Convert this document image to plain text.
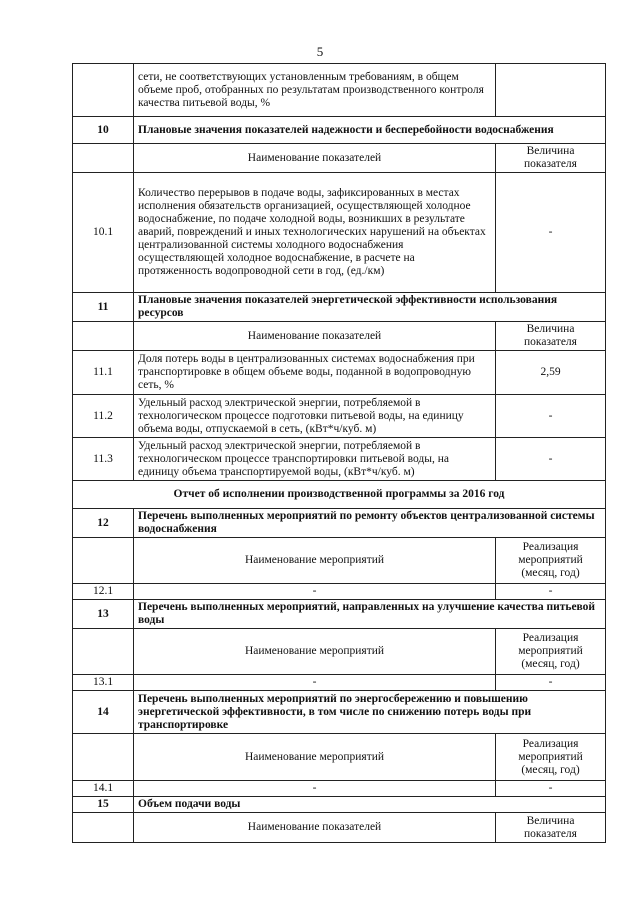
5
	сети, не соответствующих установленным требованиям, в общем объеме проб, отобранных по результатам производственного контроля качества питьевой воды, %	
10	Плановые значения показателей надежности и бесперебойности водоснабжения	
	Наименование показателей	Величина показателя
10.1	Количество перерывов в подаче воды, зафиксированных в местах исполнения обязательств организацией, осуществляющей холодное водоснабжение, по подаче холодной воды, возникших в результате аварий, повреждений и иных технологических нарушений на объектах централизованной системы холодного водоснабжения осуществляющей холодное водоснабжение, в расчете на протяженность водопроводной сети в год, (ед./км)	-
11	Плановые значения показателей энергетической эффективности использования ресурсов	
	Наименование показателей	Величина показателя
11.1	Доля потерь воды в централизованных системах водоснабжения при транспортировке в общем объеме воды, поданной в водопроводную сеть, %	2,59
11.2	Удельный расход электрической энергии, потребляемой в технологическом процессе подготовки питьевой воды, на единицу объема воды, отпускаемой в сеть, (кВт*ч/куб. м)	-
11.3	Удельный расход электрической энергии, потребляемой в технологическом процессе транспортировки питьевой воды, на единицу объема транспортируемой воды, (кВт*ч/куб. м)	-
Отчет об исполнении производственной программы за 2016 год		
12	Перечень выполненных мероприятий по ремонту объектов централизованной системы водоснабжения	
	Наименование мероприятий	Реализация мероприятий (месяц, год)
12.1	-	-
13	Перечень выполненных мероприятий, направленных на улучшение качества питьевой воды	
	Наименование мероприятий	Реализация мероприятий (месяц, год)
13.1	-	-
14	Перечень выполненных мероприятий по энергосбережению и повышению энергетической эффективности, в том числе по снижению потерь воды при транспортировке	
	Наименование мероприятий	Реализация мероприятий (месяц, год)
14.1	-	-
15	Объем подачи воды	
	Наименование показателей	Величина показателя
